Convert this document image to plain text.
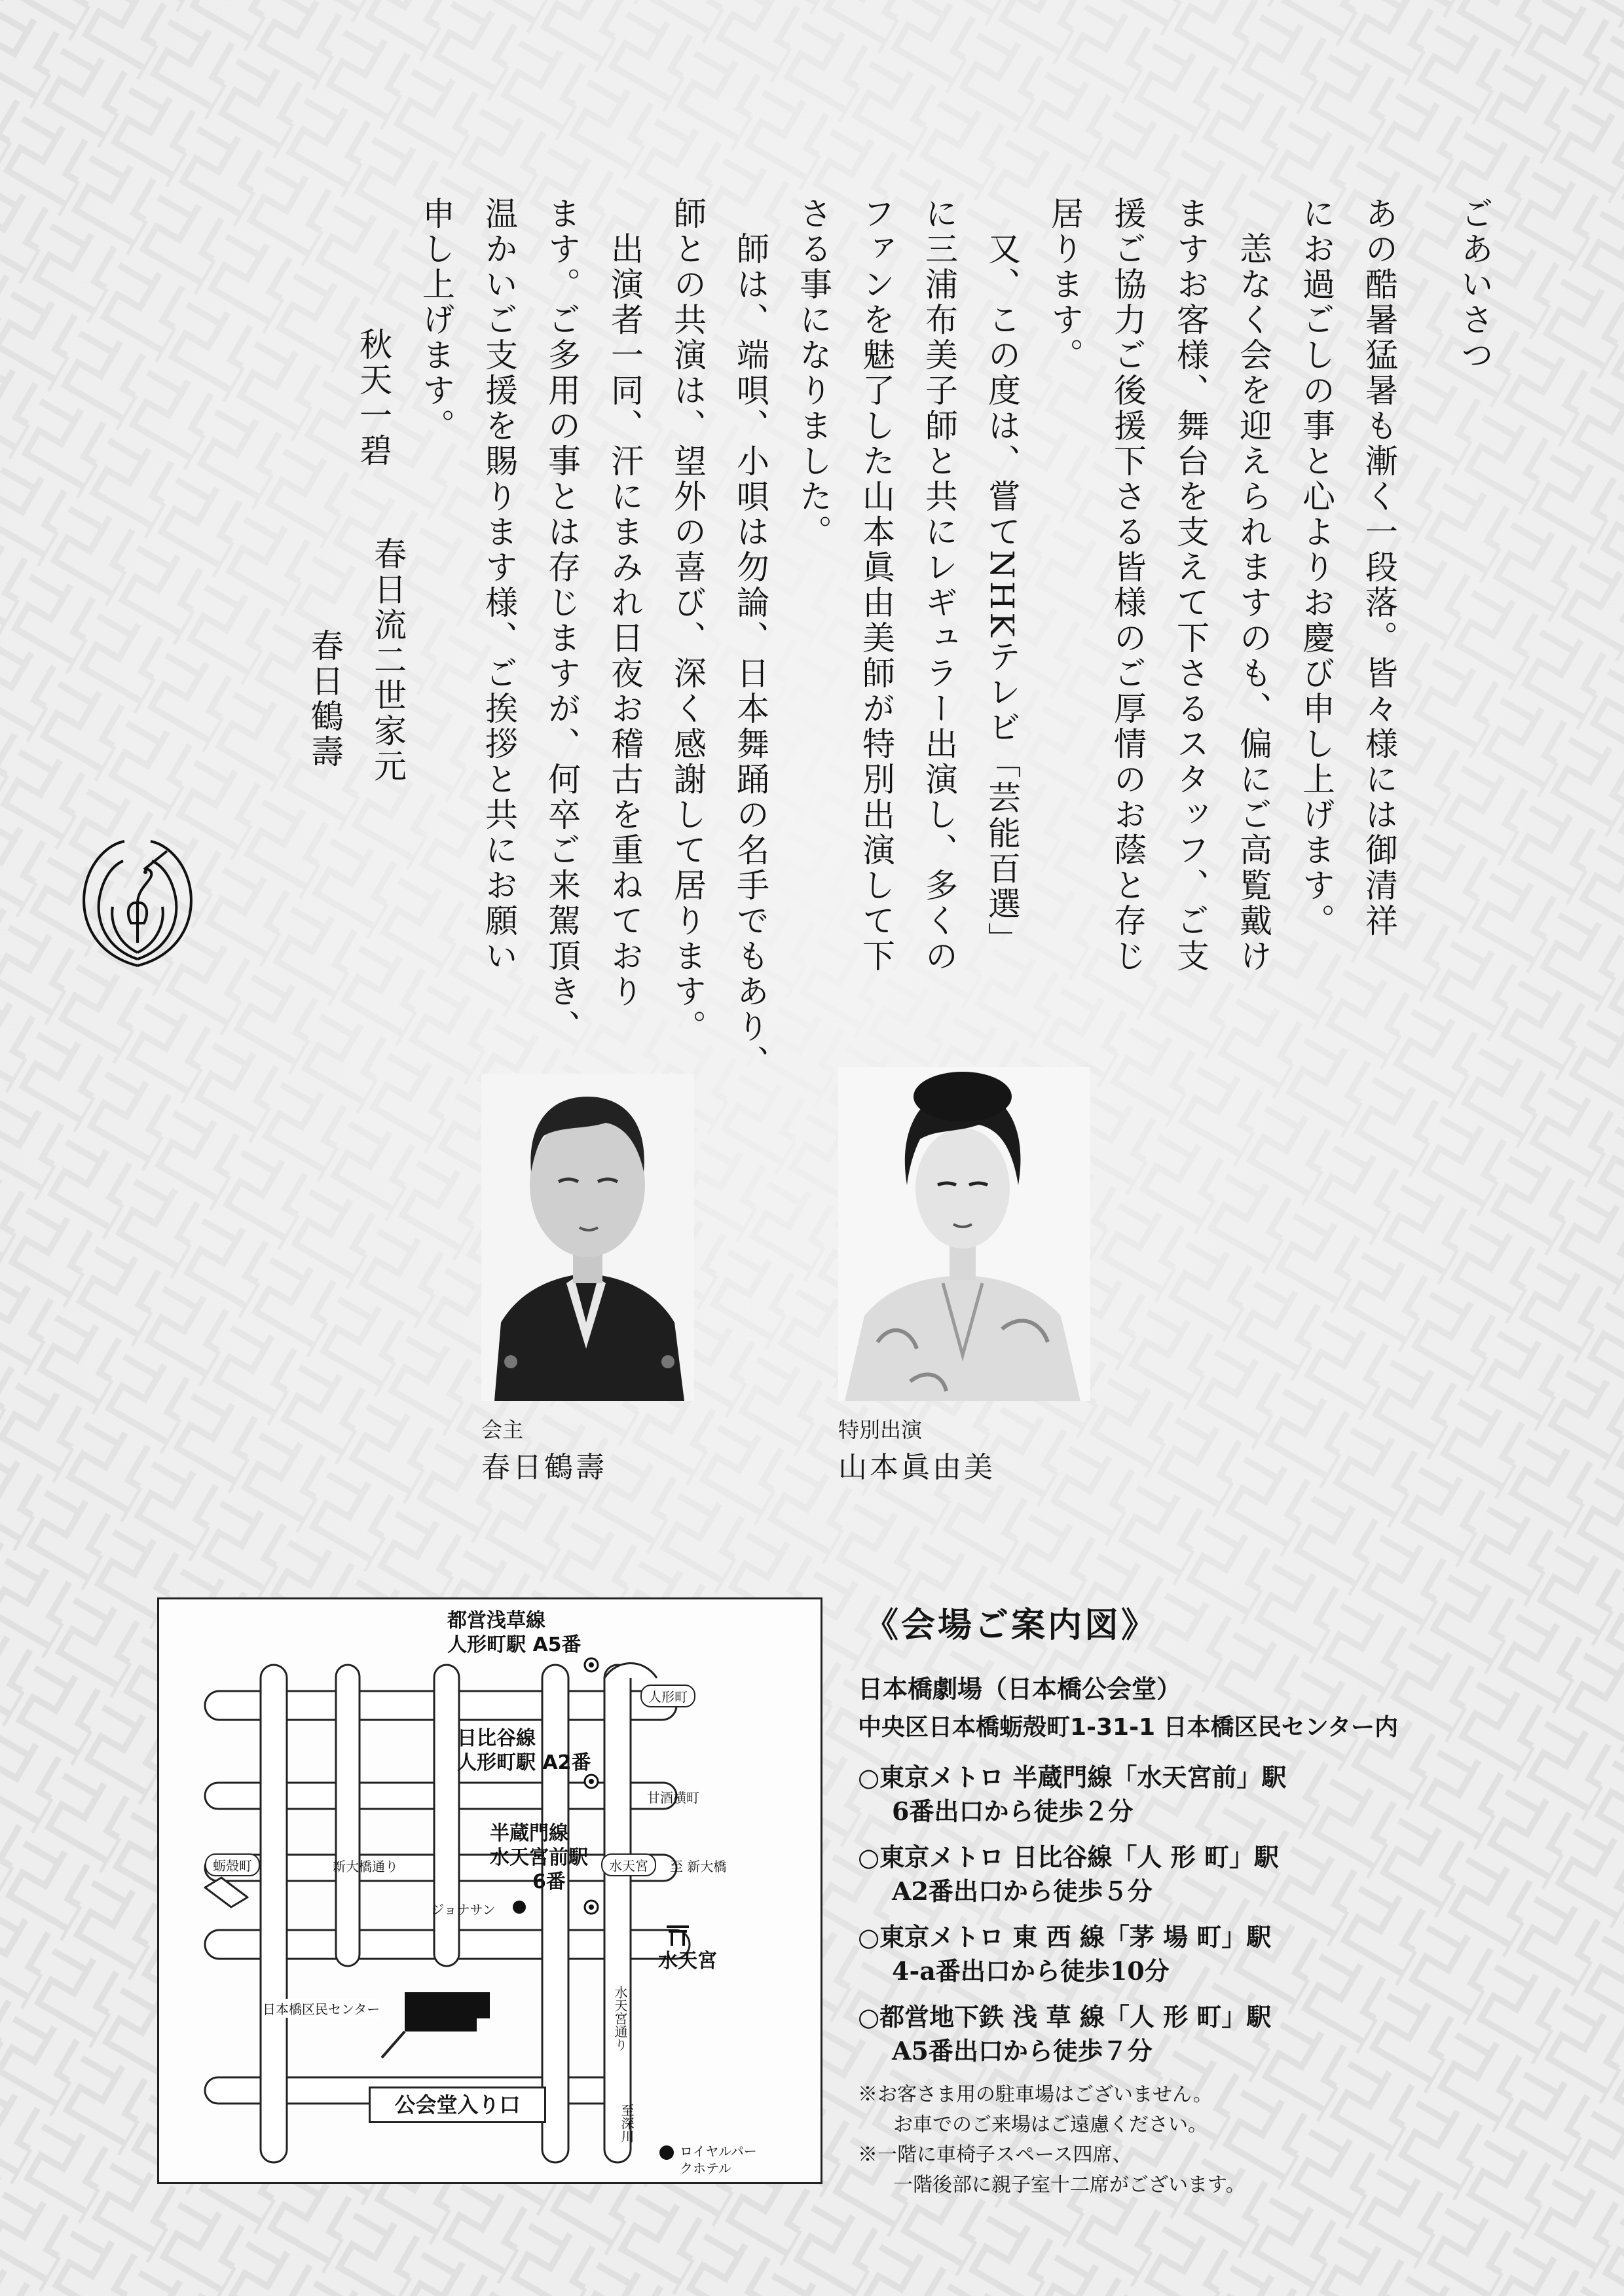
ごあいさつ
あの酷暑猛暑も漸く一段落。皆々様には御清祥
にお過ごしの事と心よりお慶び申し上げます。
　恙なく会を迎えられますのも、偏にご高覧戴け
ますお客様、舞台を支えて下さるスタッフ、ご支
援ご協力ご後援下さる皆様のご厚情のお蔭と存じ
居ります。
　又、この度は、嘗てNHKテレビ「芸能百選」
に三浦布美子師と共にレギュラー出演し、多くの
ファンを魅了した山本眞由美師が特別出演して下
さる事になりました。
　師は、端唄、小唄は勿論、日本舞踊の名手でもあり、
師との共演は、望外の喜び、深く感謝して居ります。
　出演者一同、汗にまみれ日夜お稽古を重ねており
ます。ご多用の事とは存じますが、何卒ご来駕頂き、
温かいご支援を賜ります様、ご挨拶と共にお願い
申し上げます。
秋天一碧
春日流二世家元
春日鶴壽
会主
春日鶴壽
特別出演
山本眞由美
都営浅草線
人形町駅 A5番
日比谷線
人形町駅 A2番
半蔵門線
水天宮前駅
6番
人形町
甘酒横町
蛎殻町	新大橋通り	水天宮	至 新大橋
ジョナサン
水天宮
水天宮通り
日本橋区民センター
公会堂入り口	至深川
ロイヤルパークホテル
《会場ご案内図》
日本橋劇場（日本橋公会堂）
中央区日本橋蛎殻町1-31-1 日本橋区民センター内
○東京メトロ 半蔵門線「水天宮前」駅
6番出口から徒歩２分
○東京メトロ 日比谷線「人 形 町」駅
A2番出口から徒歩５分
○東京メトロ 東 西 線「茅 場 町」駅
4-a番出口から徒歩10分
○都営地下鉄 浅 草 線「人 形 町」駅
A5番出口から徒歩７分
※お客さま用の駐車場はございません。
お車でのご来場はご遠慮ください。
※一階に車椅子スペース四席、
一階後部に親子室十二席がございます。
